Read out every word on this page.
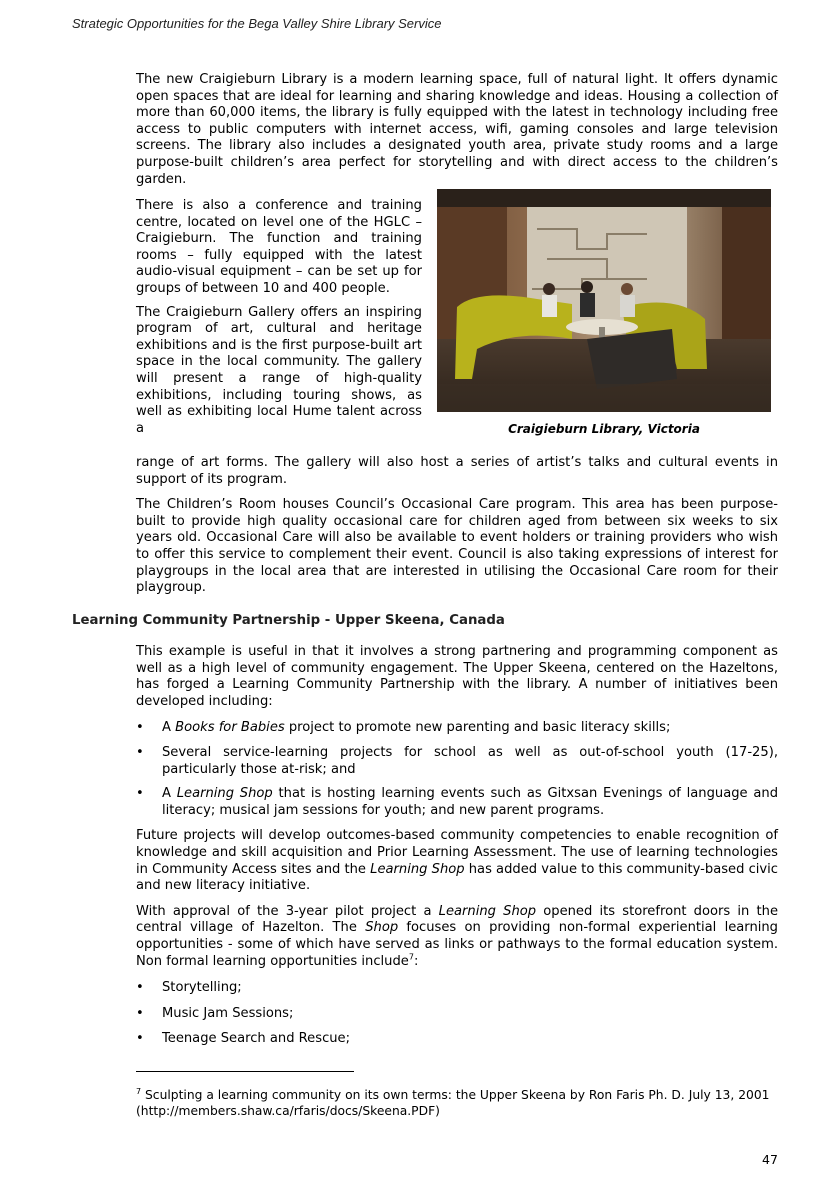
Strategic Opportunities for the Bega Valley Shire Library Service

The new Craigieburn Library is a modern learning space, full of natural light. It offers dynamic open spaces that are ideal for learning and sharing knowledge and ideas. Housing a collection of more than 60,000 items, the library is fully equipped with the latest in technology including free access to public computers with internet access, wifi, gaming consoles and large television screens. The library also includes a designated youth area, private study rooms and a large purpose-built children’s area perfect for storytelling and with direct access to the children’s garden.

Craigieburn Library, Victoria

There is also a conference and training centre, located on level one of the HGLC – Craigieburn. The function and training rooms – fully equipped with the latest audio-visual equipment – can be set up for groups of between 10 and 400 people.

The Craigieburn Gallery offers an inspiring program of art, cultural and heritage exhibitions and is the first purpose-built art space in the local community. The gallery will present a range of high-quality exhibitions, including touring shows, as well as exhibiting local Hume talent across a

range of art forms. The gallery will also host a series of artist’s talks and cultural events in support of its program.

The Children’s Room houses Council’s Occasional Care program. This area has been purpose-built to provide high quality occasional care for children aged from between six weeks to six years old. Occasional Care will also be available to event holders or training providers who wish to offer this service to complement their event. Council is also taking expressions of interest for playgroups in the local area that are interested in utilising the Occasional Care room for their playgroup.

Learning Community Partnership - Upper Skeena, Canada

This example is useful in that it involves a strong partnering and programming component as well as a high level of community engagement. The Upper Skeena, centered on the Hazeltons, has forged a Learning Community Partnership with the library. A number of initiatives been developed including:

• A Books for Babies project to promote new parenting and basic literacy skills;
• Several service-learning projects for school as well as out-of-school youth (17-25), particularly those at-risk; and
• A Learning Shop that is hosting learning events such as Gitxsan Evenings of language and literacy; musical jam sessions for youth; and new parent programs.

Future projects will develop outcomes-based community competencies to enable recognition of knowledge and skill acquisition and Prior Learning Assessment. The use of learning technologies in Community Access sites and the Learning Shop has added value to this community-based civic and new literacy initiative.

With approval of the 3-year pilot project a Learning Shop opened its storefront doors in the central village of Hazelton. The Shop focuses on providing non-formal experiential learning opportunities - some of which have served as links or pathways to the formal education system. Non formal learning opportunities include$^7$:

• Storytelling;
• Music Jam Sessions;
• Teenage Search and Rescue;
$^7$ Sculpting a learning community on its own terms: the Upper Skeena by Ron Faris Ph. D. July 13, 2001 (http://members.shaw.ca/rfaris/docs/Skeena.PDF)
47
